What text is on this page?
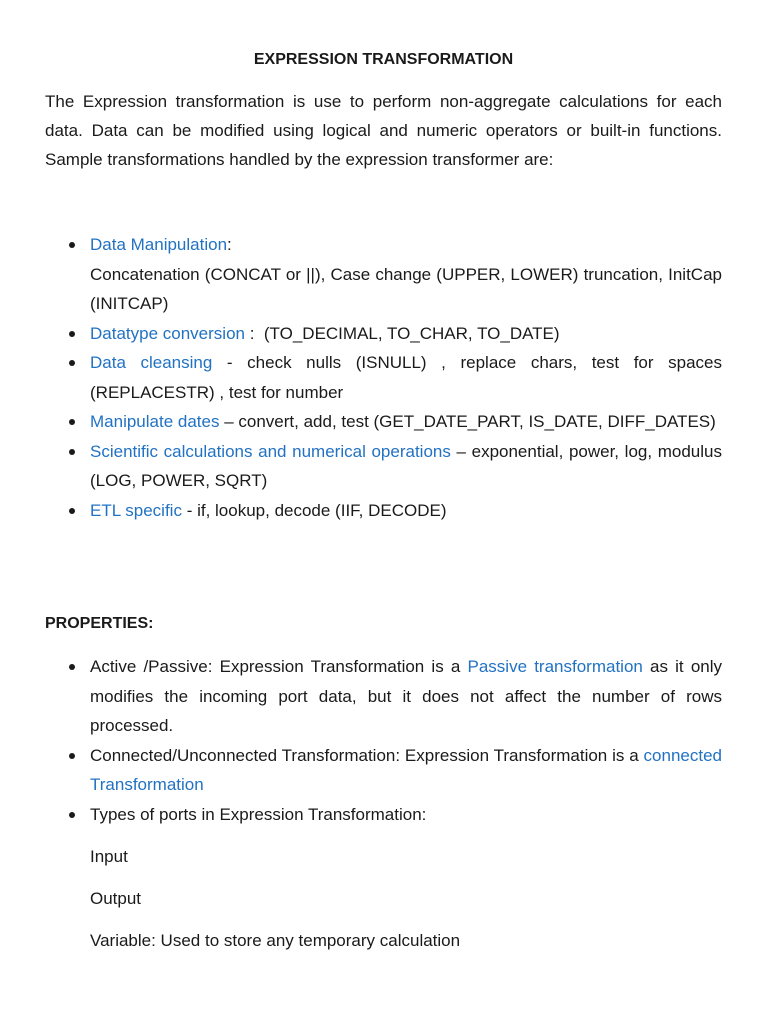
EXPRESSION TRANSFORMATION

The Expression transformation is use to perform non-aggregate calculations for each data. Data can be modified using logical and numeric operators or built-in functions. Sample transformations handled by the expression transformer are:

Data Manipulation:
Concatenation (CONCAT or ||), Case change (UPPER, LOWER) truncation, InitCap (INITCAP)
Datatype conversion :  (TO_DECIMAL, TO_CHAR, TO_DATE)
Data cleansing - check nulls (ISNULL) , replace chars, test for spaces (REPLACESTR) , test for number
Manipulate dates – convert, add, test (GET_DATE_PART, IS_DATE, DIFF_DATES)
Scientific calculations and numerical operations – exponential, power, log, modulus (LOG, POWER, SQRT)
ETL specific - if, lookup, decode (IIF, DECODE)
PROPERTIES:
Active /Passive: Expression Transformation is a Passive transformation as it only modifies the incoming port data, but it does not affect the number of rows processed.
Connected/Unconnected Transformation: Expression Transformation is a connected Transformation
Types of ports in Expression Transformation:
Input
Output
Variable: Used to store any temporary calculation
